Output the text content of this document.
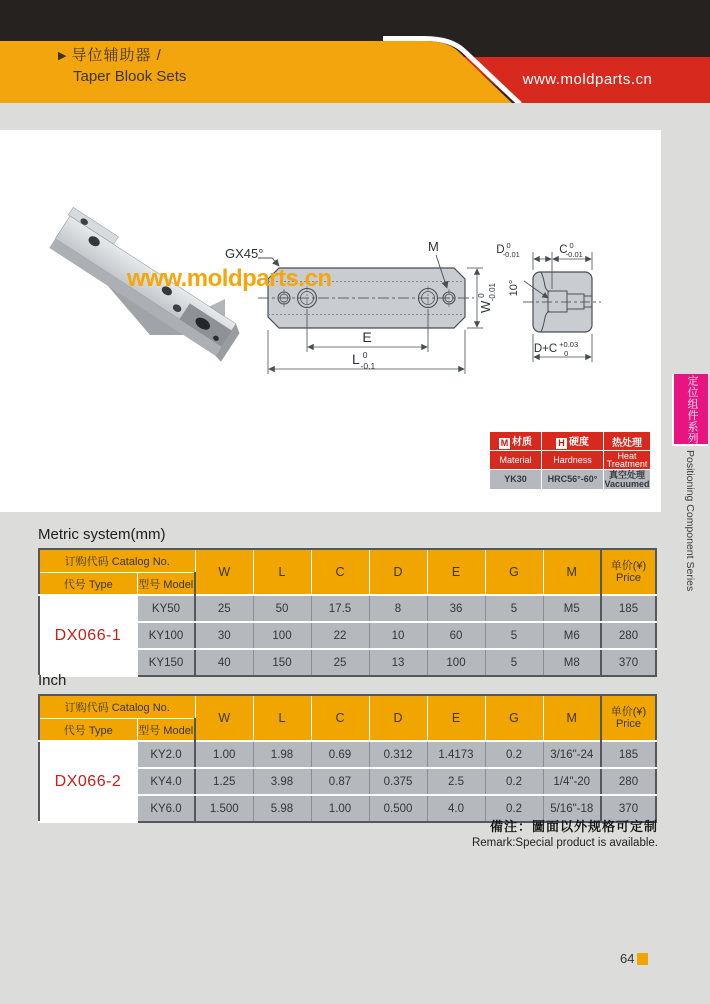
▶ 导位辅助器 /
Taper Blook Sets	www.moldparts.cn
GX45°	M
E
L $^0$ -0.1
$W^0$ -0.01
D $^0$ -0.01	C $^0$ -0.01
10°
D+C $^{+0.03}$ 0
www.moldparts.cn
M 材质	H 硬度	热处理
Material	Hardness	Heat
Treatment

YK30	HRC56°-60°	真空处理
Vacuumed
定位组件系列
Positioning Component Series
Metric system(mm)
订购代码 Catalog No.		W	L	C	D	E	G	M	单价(¥)
Price

代号 Type	型号 Model								
DX066-1	KY50	25	50	17.5	8	36	5	M5	185
	KY100	30	100	22	10	60	5	M6	280
	KY150	40	150	25	13	100	5	M8	370
Inch
订购代码 Catalog No.		W	L	C	D	E	G	M	单价(¥)
Price

代号 Type	型号 Model								
DX066-2	KY2.0	1.00	1.98	0.69	0.312	1.4173	0.2	3/16"-24	185
	KY4.0	1.25	3.98	0.87	0.375	2.5	0.2	1/4"-20	280
	KY6.0	1.500	5.98	1.00	0.500	4.0	0.2	5/16"-18	370
備注：圖面以外规格可定制
Remark:Special product is available.
64
